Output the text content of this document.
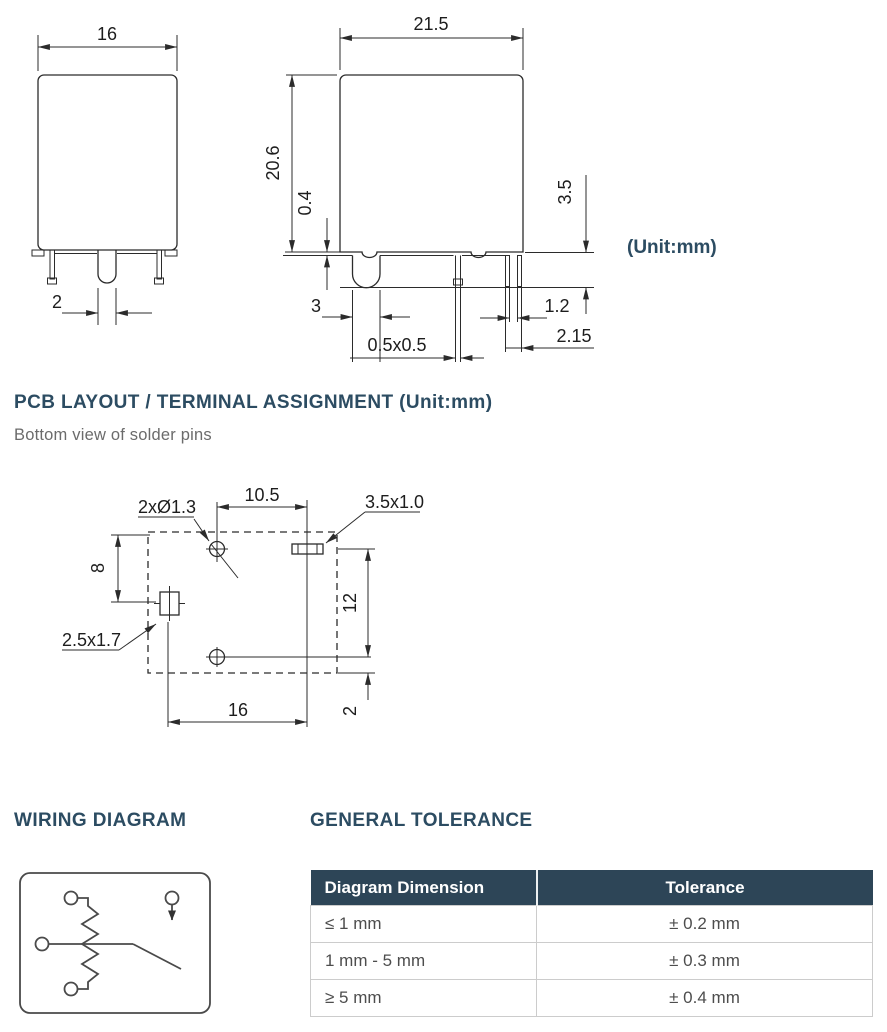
16
2
21.5
20.6
0.4	3.5
3	1.2
2.15
0.5x0.5
(Unit:mm)
PCB LAYOUT / TERMINAL ASSIGNMENT (Unit:mm)
Bottom view of solder pins
2xØ1.3
10.5	3.5x1.0
8
2.5x1.7
12
2
16
WIRING DIAGRAM	GENERAL TOLERANCE
Diagram Dimension	Tolerance
≤ 1 mm	± 0.2 mm
1 mm - 5 mm	± 0.3 mm
≥ 5 mm	± 0.4 mm
